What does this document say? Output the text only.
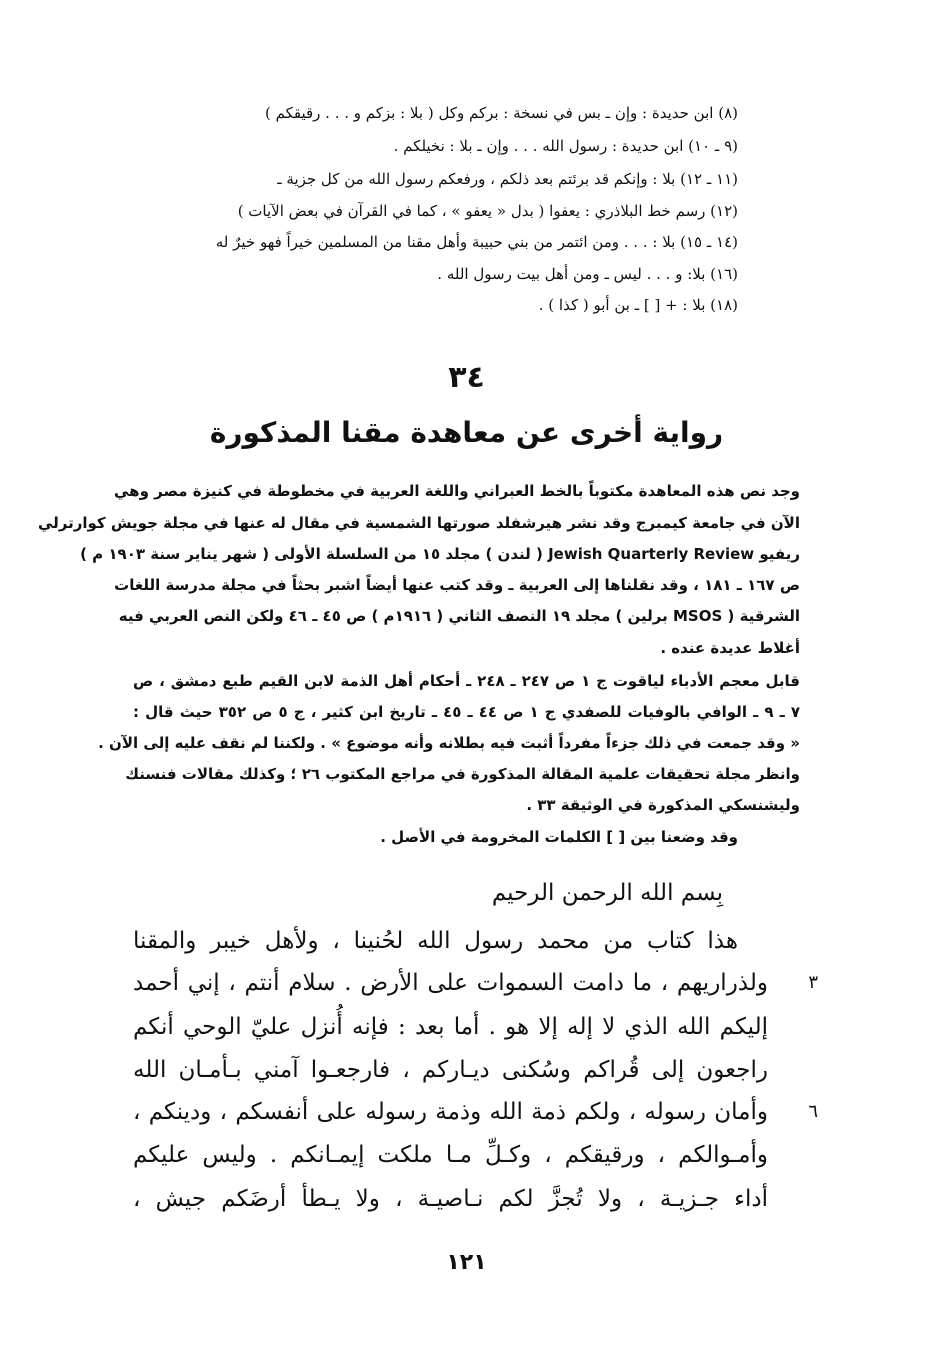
(٨) ابن حديدة : وإن ـ بس في نسخة : بركم وكل ( بلا : بزكم و . . . رقيقكم )
(٩ ـ ١٠) ابن حديدة : رسول الله . . . وإن ـ بلا : نخيلكم .
(١١ ـ ١٢) بلا : وإنكم قد برئتم بعد ذلكم ، ورفعكم رسول الله من كل جزية ـ
(١٢) رسم خط البلاذري : يعفوا ( بدل « يعفو » ، كما في القرآن في بعض الآيات )
(١٤ ـ ١٥) بلا : . . . ومن ائتمر من بني حبيبة وأهل مقنا من المسلمين خيراً فهو خيرٌ له
(١٦) بلا: و . . . ليس ـ ومن أهل بيت رسول الله .
(١٨) بلا : + [ ] ـ بن أبو ( كذا ) .
٣٤
رواية أخرى عن معاهدة مقنا المذكورة
وجد نص هذه المعاهدة مكتوباً بالخط العبراني واللغة العربية في مخطوطة في كنيزة مصر وهي
الآن في جامعة كيمبرج وقد نشر هيرشفلد صورتها الشمسية في مقال له عنها في مجلة جويش كوارترلي
ريفيو Jewish Quarterly Review ( لندن ) مجلد ١٥ من السلسلة الأولى ( شهر يناير سنة ١٩٠٣ م )
ص ١٦٧ ـ ١٨١ ، وقد نقلناها إلى العربية ـ وقد كتب عنها أيضاً اشبر بحثاً في مجلة مدرسة اللغات
الشرقية ( MSOS برلين ) مجلد ١٩ النصف الثاني ( ١٩١٦م ) ص ٤٥ ـ ٤٦ ولكن النص العربي فيه
أغلاط عديدة عنده .
قابل معجم الأدباء لياقوت ج ١ ص ٢٤٧ ـ ٢٤٨ ـ أحكام أهل الذمة لابن القيم طبع دمشق ، ص
٧ ـ ٩ ـ الوافي بالوفيات للصفدي ج ١ ص ٤٤ ـ ٤٥ ـ تاريخ ابن كثير ، ج ٥ ص ٣٥٢ حيث قال :
« وقد جمعت في ذلك جزءاً مفرداً أثبت فيه بطلانه وأنه موضوع » . ولكننا لم نقف عليه إلى الآن .
وانظر مجلة تحقيقات علمية المقالة المذكورة في مراجع المكتوب ٢٦ ؛ وكذلك مقالات فنسنك
وليشنسكي المذكورة في الوثيقة ٣٣ .
وقد وضعنا بين [ ] الكلمات المخرومة في الأصل .
بِسم الله الرحمن الرحيم
هذا كتاب من محمد رسول الله لحُنينا ، ولأهل خيبر والمقنا
ولذراريهم ، ما دامت السموات على الأرض . سلام أنتم ، إني أحمد
إليكم الله الذي لا إله إلا هو . أما بعد : فإنه أُنزل عليّ الوحي أنكم
راجعون إلى قُراكم وسُكنى ديـاركم ، فارجعـوا آمني بـأمـان الله
وأمان رسوله ، ولكم ذمة الله وذمة رسوله على أنفسكم ، ودينكم ،
وأمـوالكم ، ورقيقكم ، وكـلِّ مـا ملكت إيمـانكم . وليس عليكم
أداء جـزيـة ، ولا تُجزَّ لكم نـاصيـة ، ولا يـطأ أرضَكم جيش ،
٣
٦
١٢١
